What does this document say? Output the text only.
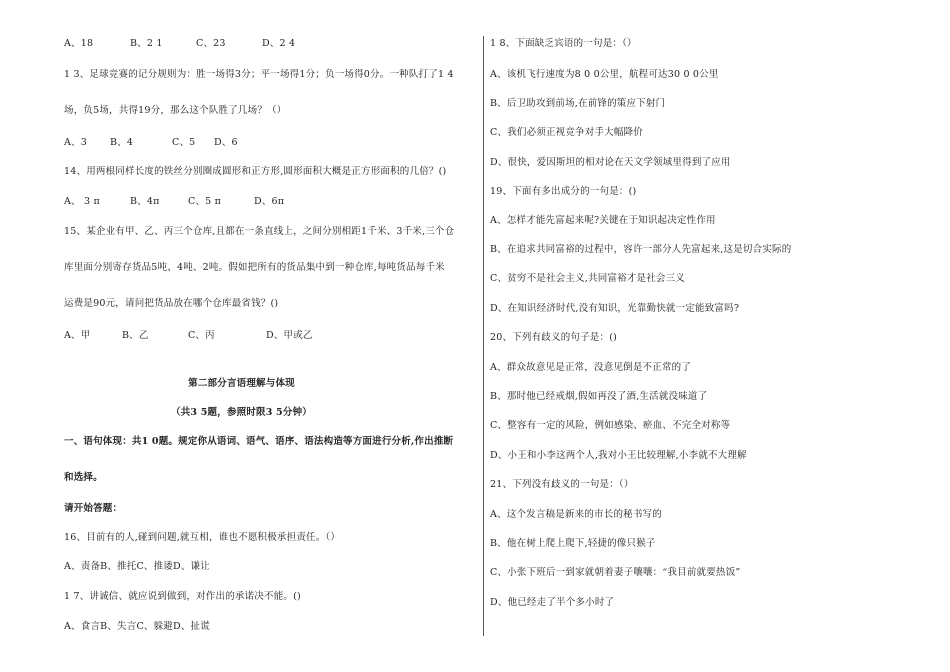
A、18	B、2 1	C、23	D、2 4
1 3、足球竞赛的记分规则为：胜一场得3分；平一场得1分；负一场得0分。一种队打了1 4
场，负5场，共得19分，那么这个队胜了几场？（）
A、3 B、4	C、5 D、6
14、用两根同样长度的铁丝分别圈成圆形和正方形,圆形面积大概是正方形面积的几倍？()
A、 3 π	B、4π	C、5 π	D、6π
15、某企业有甲、乙、丙三个仓库,且都在一条直线上，之间分别相距1千米、3千米,三个仓
库里面分别寄存货品5吨、4吨、2吨。假如把所有的货品集中到一种仓库,每吨货品每千米
运费是90元，请问把货品放在哪个仓库最省钱？()
A、甲	B、乙	C、丙	D、甲或乙
第二部分言语理解与体现
（共3 5题，参照时限3 5分钟）
一、语句体现：共1 0题。规定你从语词、语气、语序、语法构造等方面进行分析,作出推断
和选择。
请开始答题：
16、目前有的人,碰到问题,就互相，谁也不愿积极承担责任。（）
A、责备B、推托C、推诿D、谦让
1 7、讲诚信、就应说到做到，对作出的承诺决不能。()
A、食言B、失言C、躲避D、扯谎
1 8、下面缺乏宾语的一句是：（）
A、该机飞行速度为8 0 0公里，航程可达30 0 0公里
B、后卫助攻到前场,在前锋的策应下射门
C、我们必须正视竞争对手大幅降价
D、很快，爱因斯坦的相对论在天文学领域里得到了应用
19、下面有多出成分的一句是：()
A、怎样才能先富起来呢?关键在于知识起决定性作用
B、在追求共同富裕的过程中，容许一部分人先富起来,这是切合实际的
C、贫穷不是社会主义,共同富裕才是社会三义
D、在知识经济时代,没有知识，光靠勤快就一定能致富吗?
20、下列有歧义的句子是：()
A、群众故意见是正常，没意见倒是不正常的了
B、那时他已经戒烟,假如再没了酒,生活就没味道了
C、整容有一定的风险，例如感染、瘀血、不完全对称等
D、小王和小李这两个人,我对小王比较理解,小李就不大理解
21、下列没有歧义的一句是：（）
A、这个发言稿是新来的市长的秘书写的
B、他在树上爬上爬下,轻捷的像只猴子
C、小张下班后一到家就朝着妻子嚷嚷：“我目前就要热饭”
D、他已经走了半个多小时了
